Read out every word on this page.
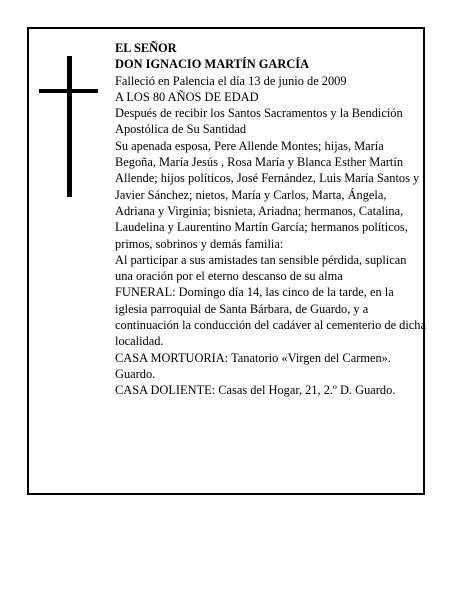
EL SEÑOR

DON IGNACIO MARTÍN GARCÍA

Falleció en Palencia el día 13 de junio de 2009

A LOS 80 AÑOS DE EDAD

Después de recibir los Santos Sacramentos y la Bendición Apostólica de Su Santidad

Su apenada esposa, Pere Allende Montes; hijas, María Begoña, María Jesús , Rosa María y Blanca Esther Martín Allende; hijos políticos, José Fernández, Luis María Santos y Javier Sánchez; nietos, María y Carlos, Marta, Ángela, Adriana y Virginia; bisnieta, Ariadna; hermanos, Catalina, Laudelina y Laurentino Martín García; hermanos políticos, primos, sobrinos y demás familia:

Al participar a sus amistades tan sensible pérdida, suplican una oración por el eterno descanso de su alma

FUNERAL: Domingo día 14, las cinco de la tarde, en la iglesia parroquial de Santa Bárbara, de Guardo, y a continuación la conducción del cadáver al cementerio de dicha localidad.

CASA MORTUORIA: Tanatorio «Virgen del Carmen». Guardo.

CASA DOLIENTE: Casas del Hogar, 21, 2.º D. Guardo.
